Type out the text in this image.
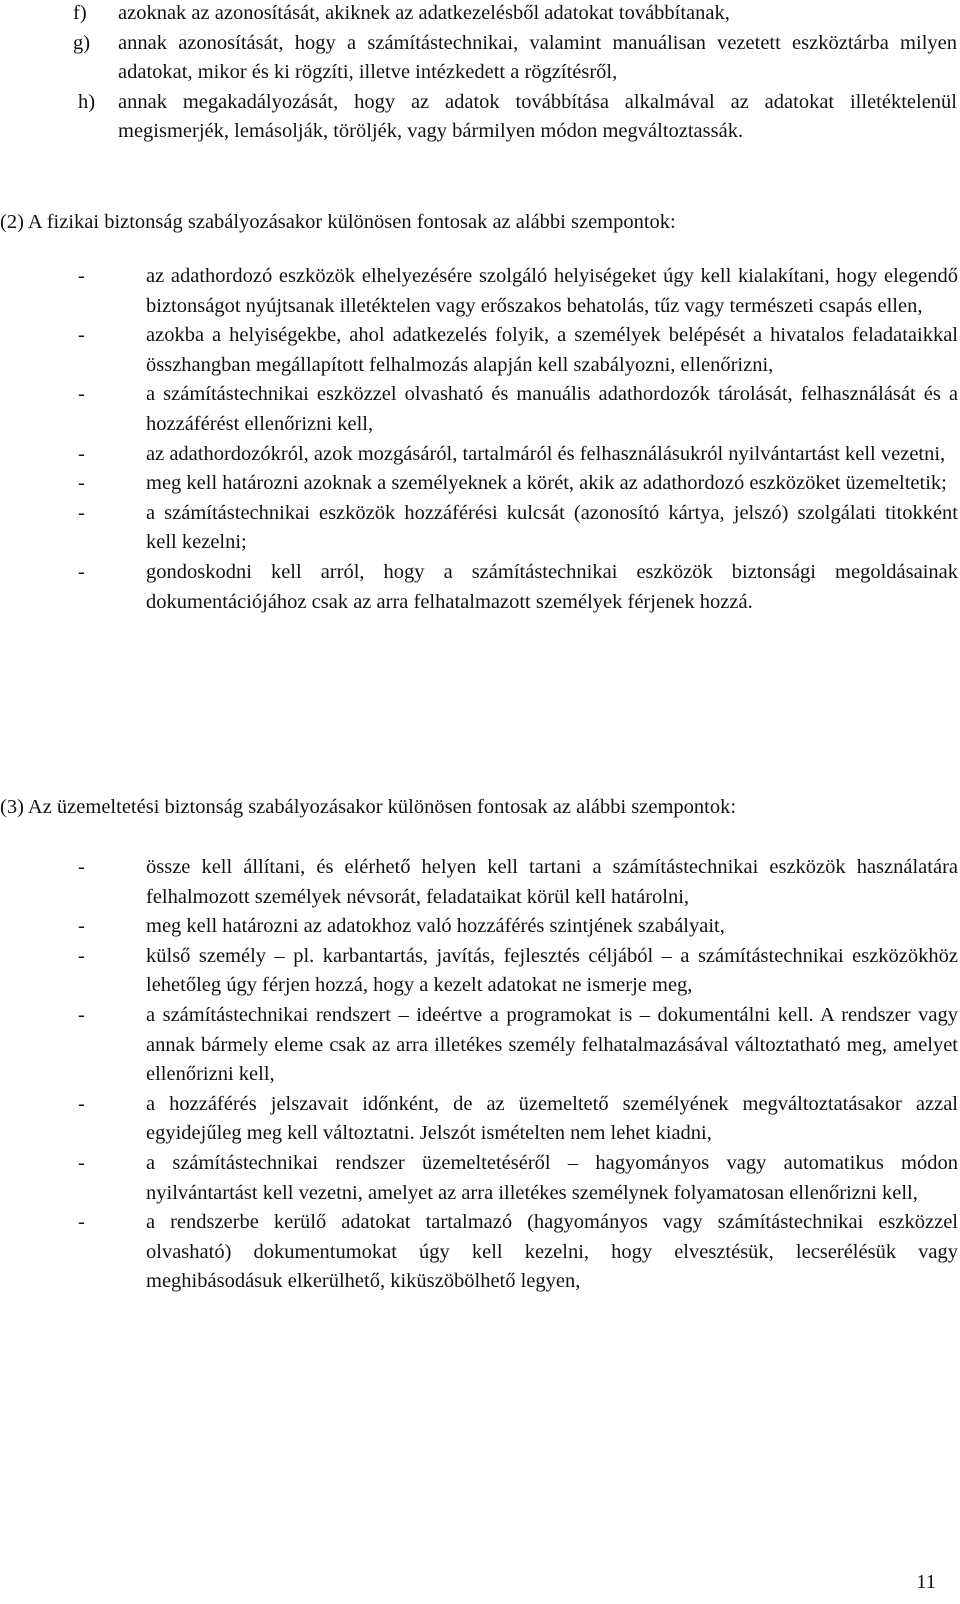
f)	azoknak az azonosítását, akiknek az adatkezelésből adatokat továbbítanak,
g)	annak azonosítását, hogy a számítástechnikai, valamint manuálisan vezetett eszköztárba milyen adatokat, mikor és ki rögzíti, illetve intézkedett a rögzítésről,
h)	annak megakadályozását, hogy az adatok továbbítása alkalmával az adatokat illetéktelenül megismerjék, lemásolják, töröljék, vagy bármilyen módon megváltoztassák.
(2) A fizikai biztonság szabályozásakor különösen fontosak az alábbi szempontok:
-	az adathordozó eszközök elhelyezésére szolgáló helyiségeket úgy kell kialakítani, hogy elegendő biztonságot nyújtsanak illetéktelen vagy erőszakos behatolás, tűz vagy természeti csapás ellen,
-	azokba a helyiségekbe, ahol adatkezelés folyik, a személyek belépését a hivatalos feladataikkal összhangban megállapított felhalmozás alapján kell szabályozni, ellenőrizni,
-	a számítástechnikai eszközzel olvasható és manuális adathordozók tárolását, felhasználását és a hozzáférést ellenőrizni kell,
-	az adathordozókról, azok mozgásáról, tartalmáról és felhasználásukról nyilvántartást kell vezetni,
-	meg kell határozni azoknak a személyeknek a körét, akik az adathordozó eszközöket üzemeltetik;
-	a számítástechnikai eszközök hozzáférési kulcsát (azonosító kártya, jelszó) szolgálati titokként kell kezelni;
-	gondoskodni kell arról, hogy a számítástechnikai eszközök biztonsági megoldásainak dokumentációjához csak az arra felhatalmazott személyek férjenek hozzá.
(3) Az üzemeltetési biztonság szabályozásakor különösen fontosak az alábbi szempontok:
-	össze kell állítani, és elérhető helyen kell tartani a számítástechnikai eszközök használatára felhalmozott személyek névsorát, feladataikat körül kell határolni,
-	meg kell határozni az adatokhoz való hozzáférés szintjének szabályait,
-	külső személy – pl. karbantartás, javítás, fejlesztés céljából – a számítástechnikai eszközökhöz lehetőleg úgy férjen hozzá, hogy a kezelt adatokat ne ismerje meg,
-	a számítástechnikai rendszert – ideértve a programokat is – dokumentálni kell. A rendszer vagy annak bármely eleme csak az arra illetékes személy felhatalmazásával változtatható meg, amelyet ellenőrizni kell,
-	a hozzáférés jelszavait időnként, de az üzemeltető személyének megváltoztatásakor azzal egyidejűleg meg kell változtatni. Jelszót ismételten nem lehet kiadni,
-	a számítástechnikai rendszer üzemeltetéséről – hagyományos vagy automatikus módon nyilvántartást kell vezetni, amelyet az arra illetékes személynek folyamatosan ellenőrizni kell,
-	a rendszerbe kerülő adatokat tartalmazó (hagyományos vagy számítástechnikai eszközzel olvasható) dokumentumokat úgy kell kezelni, hogy elvesztésük, lecserélésük vagy meghibásodásuk elkerülhető, kiküszöbölhető legyen,
11
